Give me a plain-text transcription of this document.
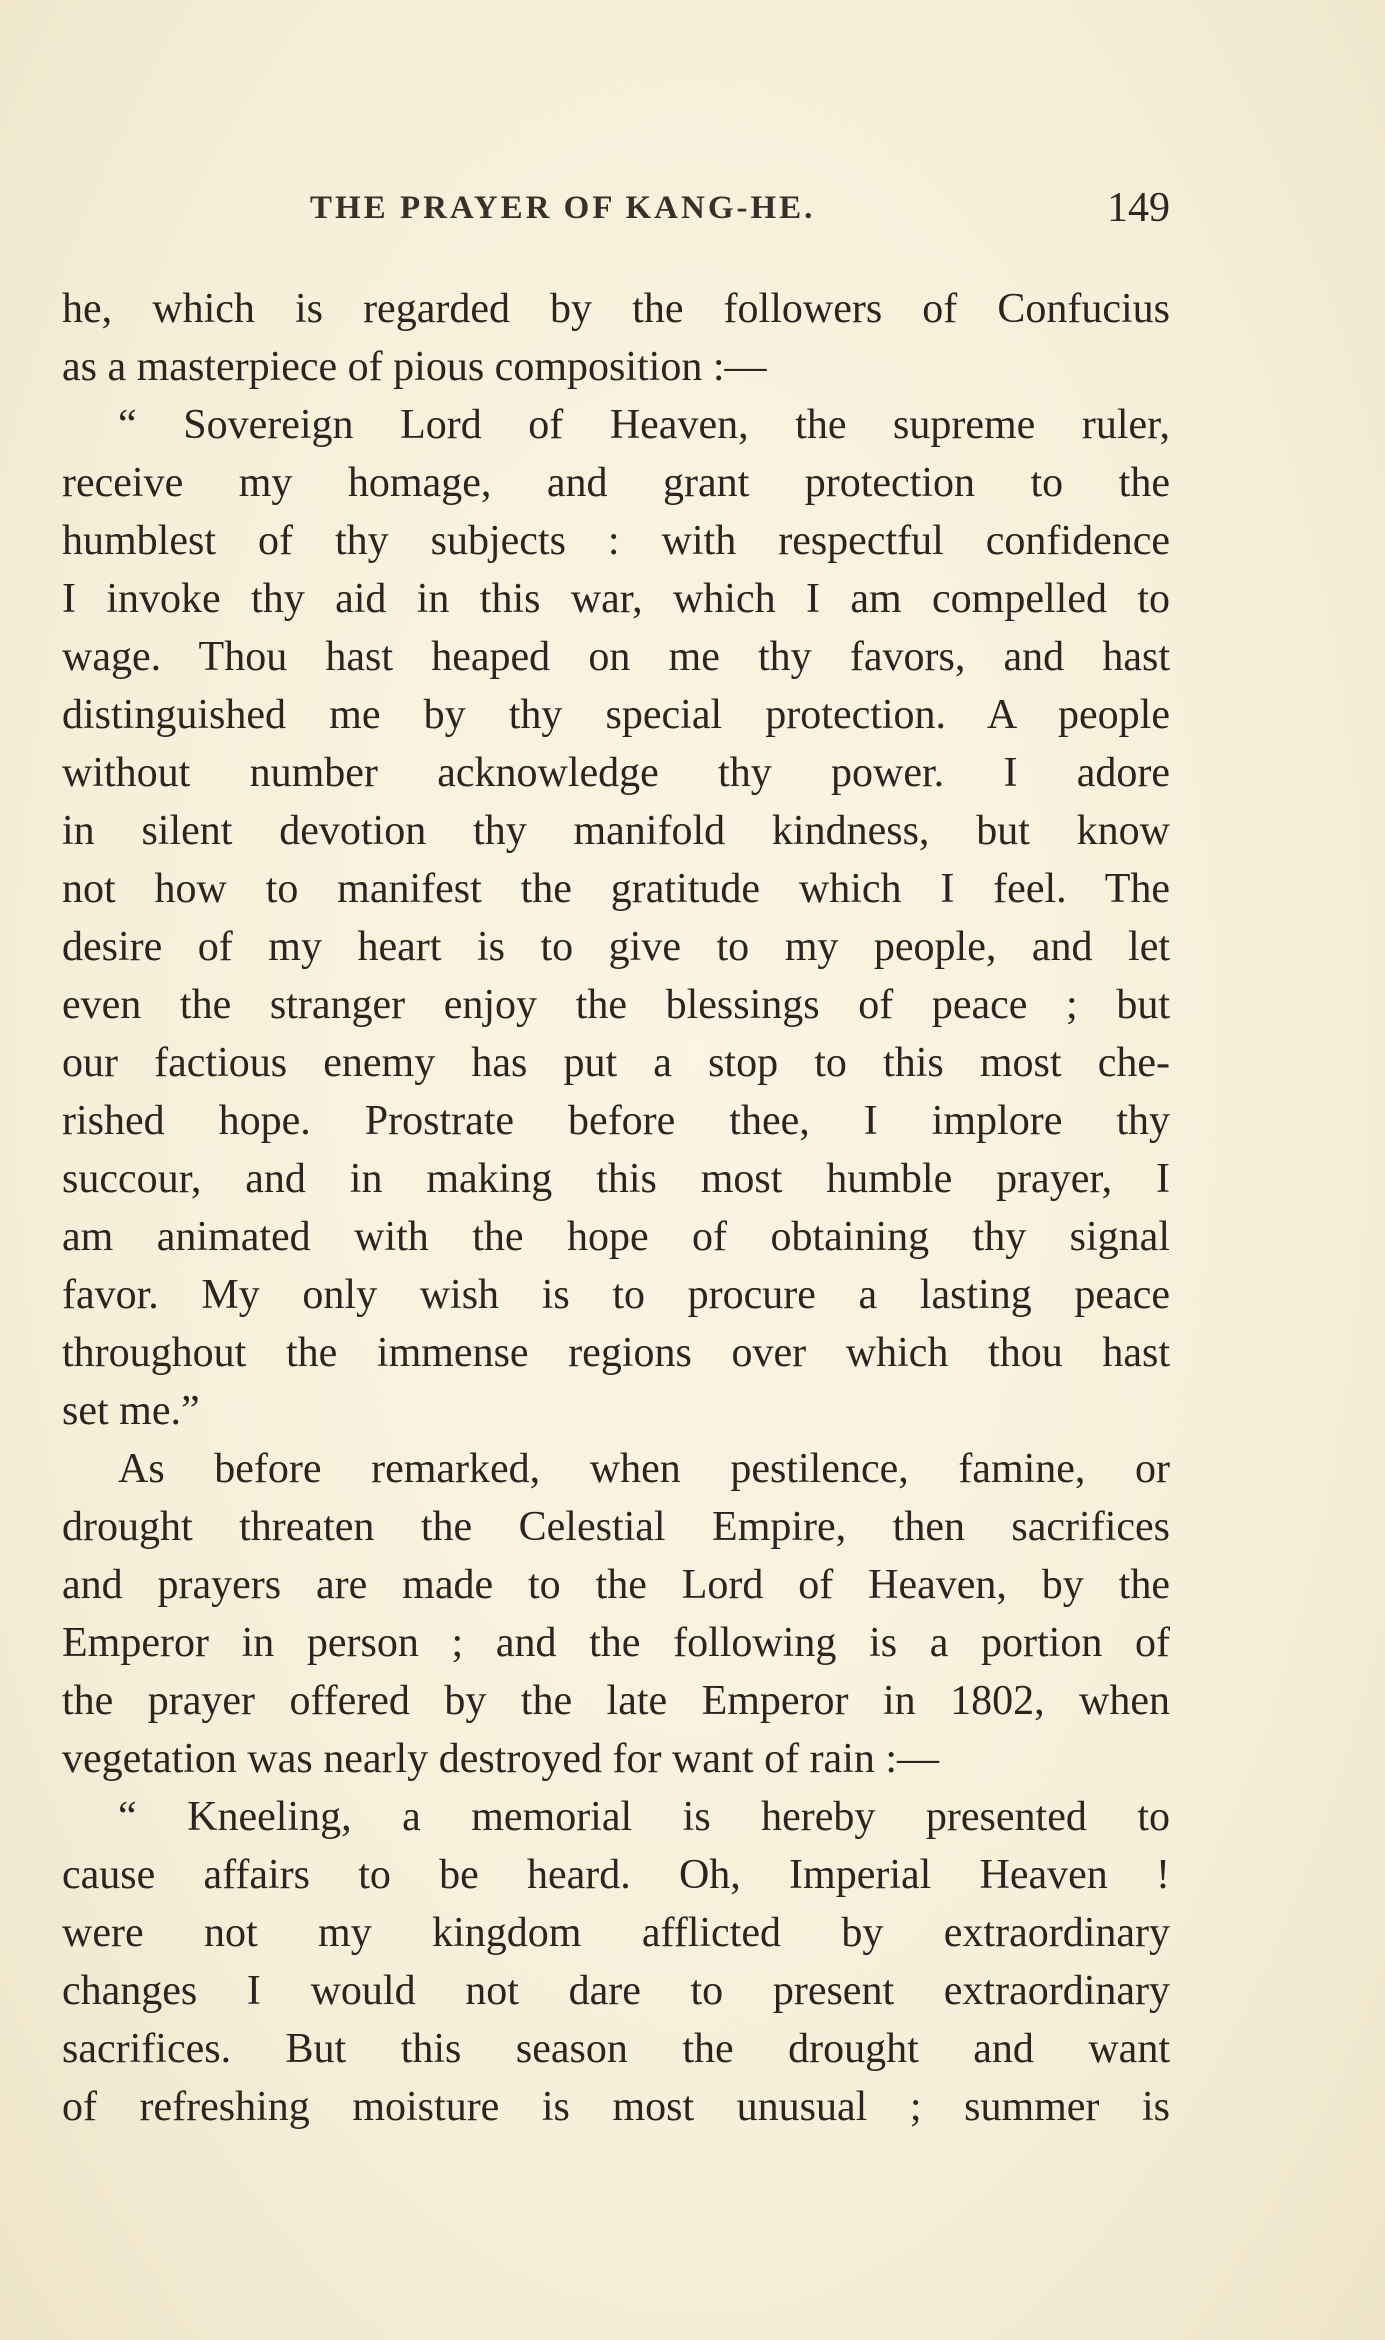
THE PRAYER OF KANG-HE.	149
he, which is regarded by the followers of Confucius
as a masterpiece of pious composition :—
“ Sovereign Lord of Heaven, the supreme ruler,
receive my homage, and grant protection to the
humblest of thy subjects : with respectful confidence
I invoke thy aid in this war, which I am compelled to
wage. Thou hast heaped on me thy favors, and hast
distinguished me by thy special protection. A people
without number acknowledge thy power. I adore
in silent devotion thy manifold kindness, but know
not how to manifest the gratitude which I feel. The
desire of my heart is to give to my people, and let
even the stranger enjoy the blessings of peace ; but
our factious enemy has put a stop to this most che-
rished hope. Prostrate before thee, I implore thy
succour, and in making this most humble prayer, I
am animated with the hope of obtaining thy signal
favor. My only wish is to procure a lasting peace
throughout the immense regions over which thou hast
set me.”
As before remarked, when pestilence, famine, or
drought threaten the Celestial Empire, then sacrifices
and prayers are made to the Lord of Heaven, by the
Emperor in person ; and the following is a portion of
the prayer offered by the late Emperor in 1802, when
vegetation was nearly destroyed for want of rain :—
“ Kneeling, a memorial is hereby presented to
cause affairs to be heard. Oh, Imperial Heaven !
were not my kingdom afflicted by extraordinary
changes I would not dare to present extraordinary
sacrifices. But this season the drought and want
of refreshing moisture is most unusual ; summer is
